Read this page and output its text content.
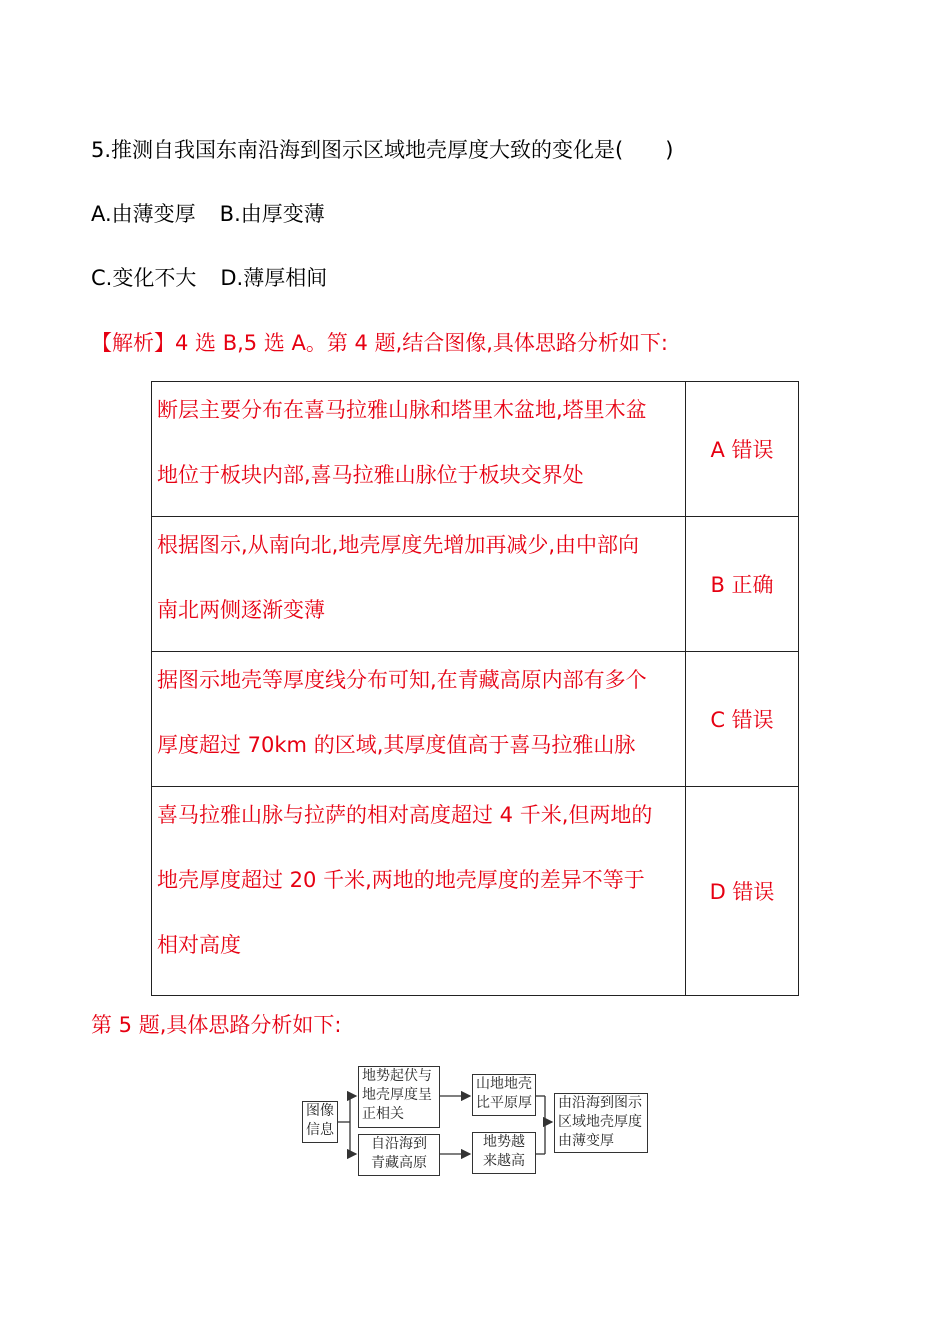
5.推测自我国东南沿海到图示区域地壳厚度大致的变化是(　　)
A.由薄变厚 B.由厚变薄
C.变化不大 D.薄厚相间
【解析】4 选 B,5 选 A。第 4 题,结合图像,具体思路分析如下:
断层主要分布在喜马拉雅山脉和塔里木盆地,塔里木盆
地位于板块内部,喜马拉雅山脉位于板块交界处	A 错误

根据图示,从南向北,地壳厚度先增加再减少,由中部向
南北两侧逐渐变薄	B 正确

据图示地壳等厚度线分布可知,在青藏高原内部有多个
厚度超过 70km 的区域,其厚度值高于喜马拉雅山脉	C 错误

喜马拉雅山脉与拉萨的相对高度超过 4 千米,但两地的
地壳厚度超过 20 千米,两地的地壳厚度的差异不等于
相对高度	D 错误
第 5 题,具体思路分析如下:
图像
信息
地势起伏与
地壳厚度呈
正相关
自沿海到
青藏高原
山地地壳
比平原厚
地势越
来越高
由沿海到图示
区域地壳厚度
由薄变厚
